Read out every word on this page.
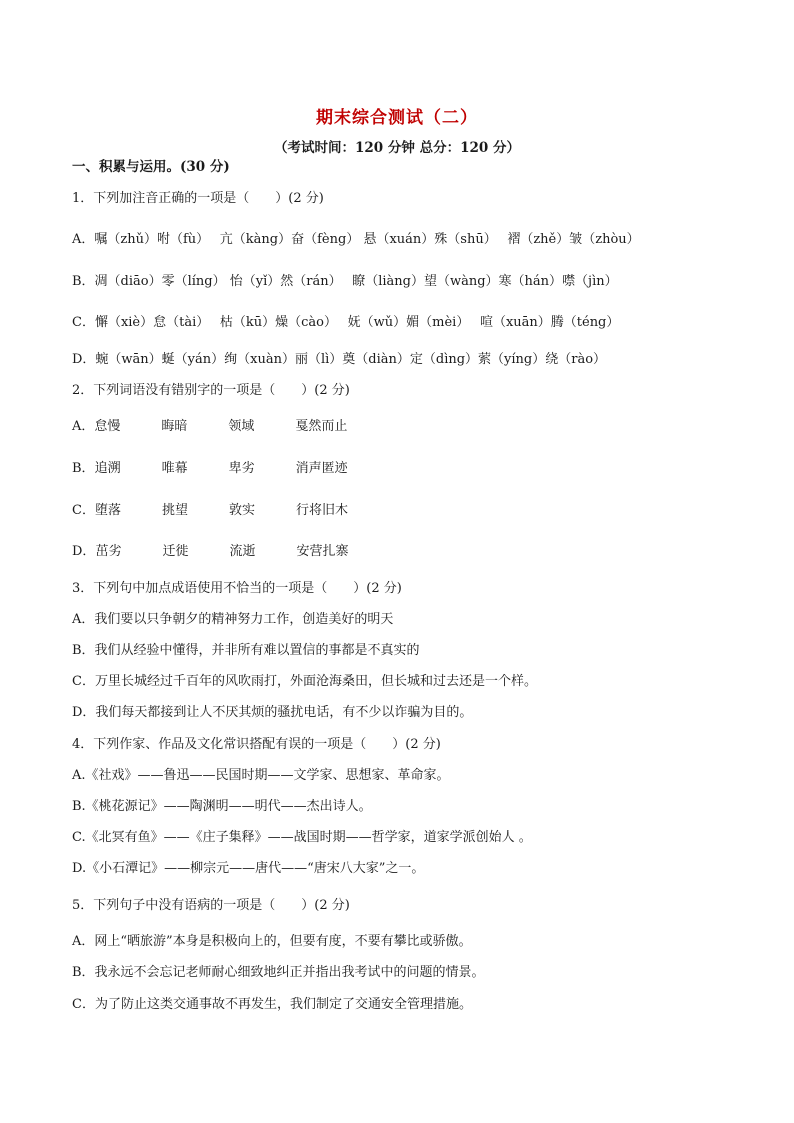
期末综合测试（二）
（考试时间：120 分钟 总分：120 分）
一、积累与运用。(30 分)
1．下列加注音正确的一项是（　　）(2 分)
A．嘱（zhǔ）咐（fù）　 亢（kàng）奋（fèng） 悬（xuán）殊（shū）　 褶（zhě）皱（zhòu）
B．凋（diāo）零（líng） 怡（yǐ）然（rán）　 瞭（liàng）望（wàng）寒（hán）噤（jìn）
C．懈（xiè）怠（tài）　 枯（kū）燥（cào）　 妩（wǔ）媚（mèi）　 喧（xuān）腾（téng）
D．蜿（wān）蜒（yán）绚（xuàn）丽（lì）奠（diàn）定（dìng）萦（yíng）绕（rào）
2．下列词语没有错别字的一项是（　　）(2 分)
A．怠慢	晦暗	领域	戛然而止
B．追溯	唯幕	卑劣	消声匿迹
C．堕落	挑望	敦实	行将旧木
D．茁劣	迁徙	流逝	安营扎寨
3．下列句中加点成语使用不恰当的一项是（　　）(2 分)
A．我们要以只争朝夕的精神努力工作，创造美好的明天
B．我们从经验中懂得，并非所有难以置信的事都是不真实的
C．万里长城经过千百年的风吹雨打，外面沧海桑田，但长城和过去还是一个样。
D．我们每天都接到让人不厌其烦的骚扰电话，有不少以诈骗为目的。
4．下列作家、作品及文化常识搭配有误的一项是（　　）(2 分)
A.《社戏》——鲁迅——民国时期——文学家、思想家、革命家。
B.《桃花源记》——陶渊明——明代——杰出诗人。
C.《北冥有鱼》——《庄子集释》——战国时期——哲学家，道家学派创始人 。
D.《小石潭记》——柳宗元——唐代——“唐宋八大家”之一。
5．下列句子中没有语病的一项是（　　）(2 分)
A．网上“晒旅游”本身是积极向上的，但要有度，不要有攀比或骄傲。
B．我永远不会忘记老师耐心细致地纠正并指出我考试中的问题的情景。
C．为了防止这类交通事故不再发生，我们制定了交通安全管理措施。
